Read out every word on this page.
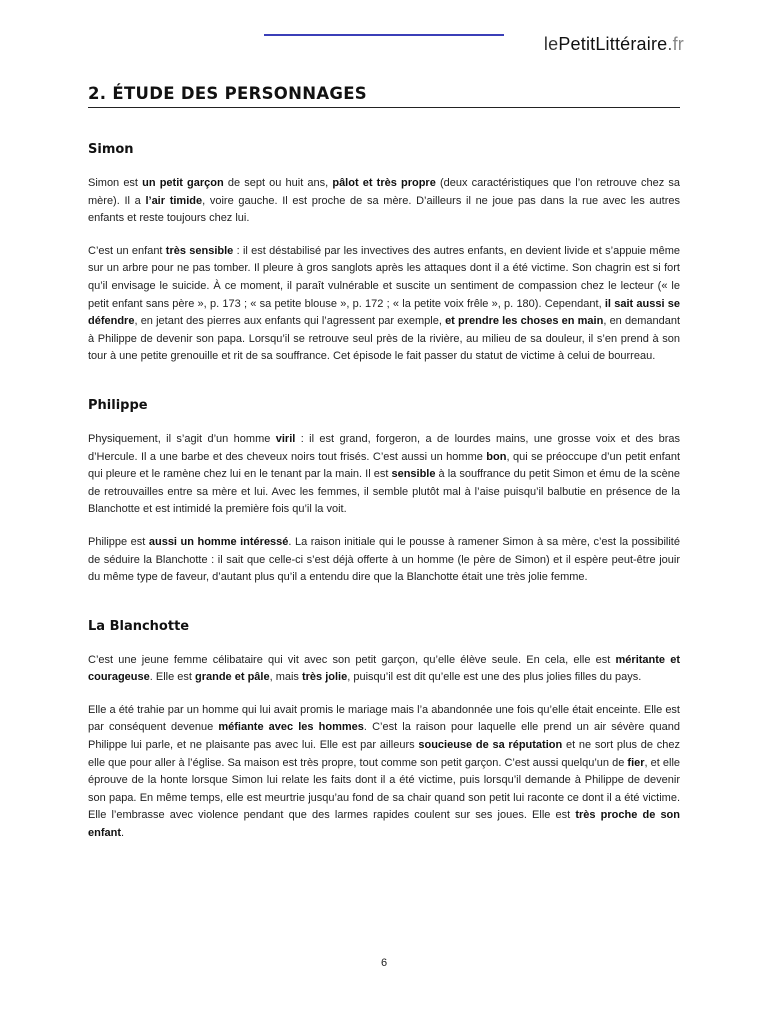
lePetitLittéraire.fr
2. ÉTUDE DES PERSONNAGES
Simon

Simon est un petit garçon de sept ou huit ans, pâlot et très propre (deux caractéristiques que l’on retrouve chez sa mère). Il a l’air timide, voire gauche. Il est proche de sa mère. D’ailleurs il ne joue pas dans la rue avec les autres enfants et reste toujours chez lui.

C’est un enfant très sensible : il est déstabilisé par les invectives des autres enfants, en devient livide et s’appuie même sur un arbre pour ne pas tomber. Il pleure à gros sanglots après les attaques dont il a été victime. Son chagrin est si fort qu’il envisage le suicide. À ce moment, il paraît vulnérable et suscite un sentiment de compassion chez le lecteur (« le petit enfant sans père », p. 173 ; « sa petite blouse », p. 172 ; « la petite voix frêle », p. 180). Cependant, il sait aussi se défendre, en jetant des pierres aux enfants qui l’agressent par exemple, et prendre les choses en main, en demandant à Philippe de devenir son papa. Lorsqu’il se retrouve seul près de la rivière, au milieu de sa douleur, il s’en prend à son tour à une petite grenouille et rit de sa souffrance. Cet épisode le fait passer du statut de victime à celui de bourreau.

Philippe

Physiquement, il s’agit d’un homme viril : il est grand, forgeron, a de lourdes mains, une grosse voix et des bras d’Hercule. Il a une barbe et des cheveux noirs tout frisés. C’est aussi un homme bon, qui se préoccupe d’un petit enfant qui pleure et le ramène chez lui en le tenant par la main. Il est sensible à la souffrance du petit Simon et ému de la scène de retrouvailles entre sa mère et lui. Avec les femmes, il semble plutôt mal à l’aise puisqu’il balbutie en présence de la Blanchotte et est intimidé la première fois qu’il la voit.

Philippe est aussi un homme intéressé. La raison initiale qui le pousse à ramener Simon à sa mère, c’est la possibilité de séduire la Blanchotte : il sait que celle-ci s’est déjà offerte à un homme (le père de Simon) et il espère peut-être jouir du même type de faveur, d’autant plus qu’il a entendu dire que la Blanchotte était une très jolie femme.

La Blanchotte

C’est une jeune femme célibataire qui vit avec son petit garçon, qu’elle élève seule. En cela, elle est méritante et courageuse. Elle est grande et pâle, mais très jolie, puisqu’il est dit qu’elle est une des plus jolies filles du pays.

Elle a été trahie par un homme qui lui avait promis le mariage mais l’a abandonnée une fois qu’elle était enceinte. Elle est par conséquent devenue méfiante avec les hommes. C’est la raison pour laquelle elle prend un air sévère quand Philippe lui parle, et ne plaisante pas avec lui. Elle est par ailleurs soucieuse de sa réputation et ne sort plus de chez elle que pour aller à l’église. Sa maison est très propre, tout comme son petit garçon. C’est aussi quelqu’un de fier, et elle éprouve de la honte lorsque Simon lui relate les faits dont il a été victime, puis lorsqu’il demande à Philippe de devenir son papa. En même temps, elle est meurtrie jusqu’au fond de sa chair quand son petit lui raconte ce dont il a été victime. Elle l’embrasse avec violence pendant que des larmes rapides coulent sur ses joues. Elle est très proche de son enfant.

6
